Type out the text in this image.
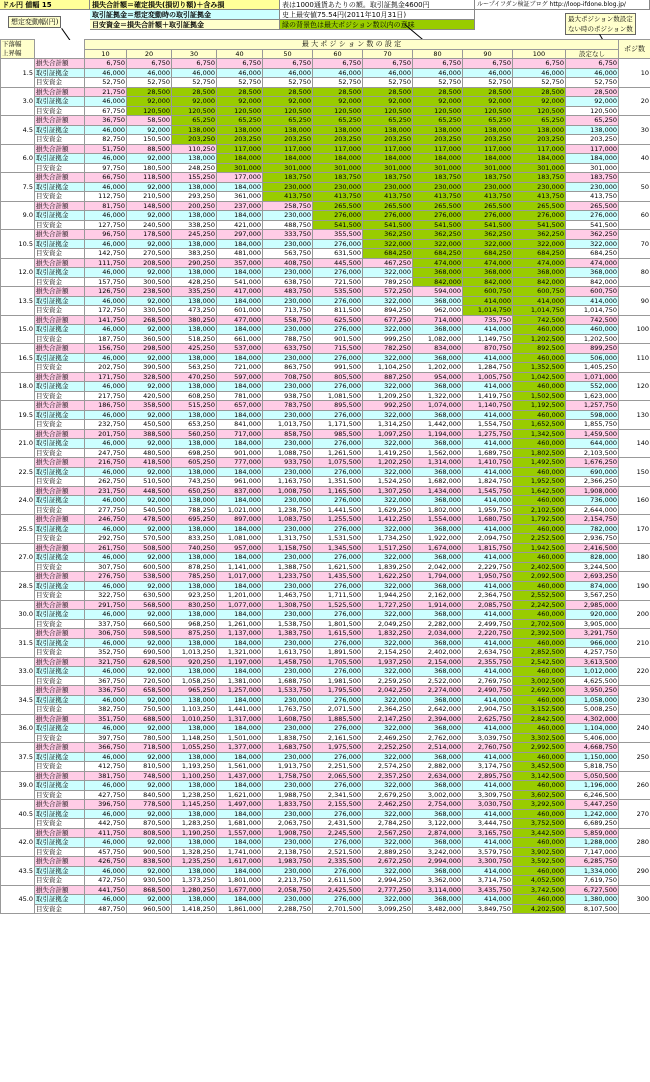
ドル円 値幅 15	損失合計額＝確定損失(損切り額)＋含み損
取引証拠金＝想定変動時の取引証拠金
目安資金＝損失合計額＋取引証拠金
表は1000通貨あたりの額。取引証拠金4600円
史上最安値75.54円(2011年10月31日)
緑の背景色は最大ポジション数以内の意味
ループイフダン検証ブログ http://loop-ifdone.blog.jp/
想定変動幅(円)	最大ポジション数設定
ない時のポジション数
下落幅
上昇幅		最 大 ポ ジ シ ョ ン 数 の 設 定											ポジ数
		10	20	30	40	50	60	70	80	90	100	設定なし	
1.5	損失合計額	6,750	6,750	6,750	6,750	6,750	6,750	6,750	6,750	6,750	6,750	6,750	10
	取引証拠金	46,000	46,000	46,000	46,000	46,000	46,000	46,000	46,000	46,000	46,000	46,000	
	目安資金	52,750	52,750	52,750	52,750	52,750	52,750	52,750	52,750	52,750	52,750	52,750	
3.0	損失合計額	21,750	28,500	28,500	28,500	28,500	28,500	28,500	28,500	28,500	28,500	28,500	20
	取引証拠金	46,000	92,000	92,000	92,000	92,000	92,000	92,000	92,000	92,000	92,000	92,000	
	目安資金	67,750	120,500	120,500	120,500	120,500	120,500	120,500	120,500	120,500	120,500	120,500	
4.5	損失合計額	36,750	58,500	65,250	65,250	65,250	65,250	65,250	65,250	65,250	65,250	65,250	30
	取引証拠金	46,000	92,000	138,000	138,000	138,000	138,000	138,000	138,000	138,000	138,000	138,000	
	目安資金	82,750	150,500	203,250	203,250	203,250	203,250	203,250	203,250	203,250	203,250	203,250	
6.0	損失合計額	51,750	88,500	110,250	117,000	117,000	117,000	117,000	117,000	117,000	117,000	117,000	40
	取引証拠金	46,000	92,000	138,000	184,000	184,000	184,000	184,000	184,000	184,000	184,000	184,000	
	目安資金	97,750	180,500	248,250	301,000	301,000	301,000	301,000	301,000	301,000	301,000	301,000	
7.5	損失合計額	66,750	118,500	155,250	177,000	183,750	183,750	183,750	183,750	183,750	183,750	183,750	50
	取引証拠金	46,000	92,000	138,000	184,000	230,000	230,000	230,000	230,000	230,000	230,000	230,000	
	目安資金	112,750	210,500	293,250	361,000	413,750	413,750	413,750	413,750	413,750	413,750	413,750	
9.0	損失合計額	81,750	148,500	200,250	237,000	258,750	265,500	265,500	265,500	265,500	265,500	265,500	60
	取引証拠金	46,000	92,000	138,000	184,000	230,000	276,000	276,000	276,000	276,000	276,000	276,000	
	目安資金	127,750	240,500	338,250	421,000	488,750	541,500	541,500	541,500	541,500	541,500	541,500	
10.5	損失合計額	96,750	178,500	245,250	297,000	333,750	355,500	362,250	362,250	362,250	362,250	362,250	70
	取引証拠金	46,000	92,000	138,000	184,000	230,000	276,000	322,000	322,000	322,000	322,000	322,000	
	目安資金	142,750	270,500	383,250	481,000	563,750	631,500	684,250	684,250	684,250	684,250	684,250	
12.0	損失合計額	111,750	208,500	290,250	357,000	408,750	445,500	467,250	474,000	474,000	474,000	474,000	80
	取引証拠金	46,000	92,000	138,000	184,000	230,000	276,000	322,000	368,000	368,000	368,000	368,000	
	目安資金	157,750	300,500	428,250	541,000	638,750	721,500	789,250	842,000	842,000	842,000	842,000	
13.5	損失合計額	126,750	238,500	335,250	417,000	483,750	535,500	572,250	594,000	600,750	600,750	600,750	90
	取引証拠金	46,000	92,000	138,000	184,000	230,000	276,000	322,000	368,000	414,000	414,000	414,000	
	目安資金	172,750	330,500	473,250	601,000	713,750	811,500	894,250	962,000	1,014,750	1,014,750	1,014,750	
15.0	損失合計額	141,750	268,500	380,250	477,000	558,750	625,500	677,250	714,000	735,750	742,500	742,500	100
	取引証拠金	46,000	92,000	138,000	184,000	230,000	276,000	322,000	368,000	414,000	460,000	460,000	
	目安資金	187,750	360,500	518,250	661,000	788,750	901,500	999,250	1,082,000	1,149,750	1,202,500	1,202,500	
16.5	損失合計額	156,750	298,500	425,250	537,000	633,750	715,500	782,250	834,000	870,750	892,500	899,250	110
	取引証拠金	46,000	92,000	138,000	184,000	230,000	276,000	322,000	368,000	414,000	460,000	506,000	
	目安資金	202,750	390,500	563,250	721,000	863,750	991,500	1,104,250	1,202,000	1,284,750	1,352,500	1,405,250	
18.0	損失合計額	171,750	328,500	470,250	597,000	708,750	805,500	887,250	954,000	1,005,750	1,042,500	1,071,000	120
	取引証拠金	46,000	92,000	138,000	184,000	230,000	276,000	322,000	368,000	414,000	460,000	552,000	
	目安資金	217,750	420,500	608,250	781,000	938,750	1,081,500	1,209,250	1,322,000	1,419,750	1,502,500	1,623,000	
19.5	損失合計額	186,750	358,500	515,250	657,000	783,750	895,500	992,250	1,074,000	1,140,750	1,192,500	1,257,750	130
	取引証拠金	46,000	92,000	138,000	184,000	230,000	276,000	322,000	368,000	414,000	460,000	598,000	
	目安資金	232,750	450,500	653,250	841,000	1,013,750	1,171,500	1,314,250	1,442,000	1,554,750	1,652,500	1,855,750	
21.0	損失合計額	201,750	388,500	560,250	717,000	858,750	985,500	1,097,250	1,194,000	1,275,750	1,342,500	1,459,500	140
	取引証拠金	46,000	92,000	138,000	184,000	230,000	276,000	322,000	368,000	414,000	460,000	644,000	
	目安資金	247,750	480,500	698,250	901,000	1,088,750	1,261,500	1,419,250	1,562,000	1,689,750	1,802,500	2,103,500	
22.5	損失合計額	216,750	418,500	605,250	777,000	933,750	1,075,500	1,202,250	1,314,000	1,410,750	1,492,500	1,676,250	150
	取引証拠金	46,000	92,000	138,000	184,000	230,000	276,000	322,000	368,000	414,000	460,000	690,000	
	目安資金	262,750	510,500	743,250	961,000	1,163,750	1,351,500	1,524,250	1,682,000	1,824,750	1,952,500	2,366,250	
24.0	損失合計額	231,750	448,500	650,250	837,000	1,008,750	1,165,500	1,307,250	1,434,000	1,545,750	1,642,500	1,908,000	160
	取引証拠金	46,000	92,000	138,000	184,000	230,000	276,000	322,000	368,000	414,000	460,000	736,000	
	目安資金	277,750	540,500	788,250	1,021,000	1,238,750	1,441,500	1,629,250	1,802,000	1,959,750	2,102,500	2,644,000	
25.5	損失合計額	246,750	478,500	695,250	897,000	1,083,750	1,255,500	1,412,250	1,554,000	1,680,750	1,792,500	2,154,750	170
	取引証拠金	46,000	92,000	138,000	184,000	230,000	276,000	322,000	368,000	414,000	460,000	782,000	
	目安資金	292,750	570,500	833,250	1,081,000	1,313,750	1,531,500	1,734,250	1,922,000	2,094,750	2,252,500	2,936,750	
27.0	損失合計額	261,750	508,500	740,250	957,000	1,158,750	1,345,500	1,517,250	1,674,000	1,815,750	1,942,500	2,416,500	180
	取引証拠金	46,000	92,000	138,000	184,000	230,000	276,000	322,000	368,000	414,000	460,000	828,000	
	目安資金	307,750	600,500	878,250	1,141,000	1,388,750	1,621,500	1,839,250	2,042,000	2,229,750	2,402,500	3,244,500	
28.5	損失合計額	276,750	538,500	785,250	1,017,000	1,233,750	1,435,500	1,622,250	1,794,000	1,950,750	2,092,500	2,693,250	190
	取引証拠金	46,000	92,000	138,000	184,000	230,000	276,000	322,000	368,000	414,000	460,000	874,000	
	目安資金	322,750	630,500	923,250	1,201,000	1,463,750	1,711,500	1,944,250	2,162,000	2,364,750	2,552,500	3,567,250	
30.0	損失合計額	291,750	568,500	830,250	1,077,000	1,308,750	1,525,500	1,727,250	1,914,000	2,085,750	2,242,500	2,985,000	200
	取引証拠金	46,000	92,000	138,000	184,000	230,000	276,000	322,000	368,000	414,000	460,000	920,000	
	目安資金	337,750	660,500	968,250	1,261,000	1,538,750	1,801,500	2,049,250	2,282,000	2,499,750	2,702,500	3,905,000	
31.5	損失合計額	306,750	598,500	875,250	1,137,000	1,383,750	1,615,500	1,832,250	2,034,000	2,220,750	2,392,500	3,291,750	210
	取引証拠金	46,000	92,000	138,000	184,000	230,000	276,000	322,000	368,000	414,000	460,000	966,000	
	目安資金	352,750	690,500	1,013,250	1,321,000	1,613,750	1,891,500	2,154,250	2,402,000	2,634,750	2,852,500	4,257,750	
33.0	損失合計額	321,750	628,500	920,250	1,197,000	1,458,750	1,705,500	1,937,250	2,154,000	2,355,750	2,542,500	3,613,500	220
	取引証拠金	46,000	92,000	138,000	184,000	230,000	276,000	322,000	368,000	414,000	460,000	1,012,000	
	目安資金	367,750	720,500	1,058,250	1,381,000	1,688,750	1,981,500	2,259,250	2,522,000	2,769,750	3,002,500	4,625,500	
34.5	損失合計額	336,750	658,500	965,250	1,257,000	1,533,750	1,795,500	2,042,250	2,274,000	2,490,750	2,692,500	3,950,250	230
	取引証拠金	46,000	92,000	138,000	184,000	230,000	276,000	322,000	368,000	414,000	460,000	1,058,000	
	目安資金	382,750	750,500	1,103,250	1,441,000	1,763,750	2,071,500	2,364,250	2,642,000	2,904,750	3,152,500	5,008,250	
36.0	損失合計額	351,750	688,500	1,010,250	1,317,000	1,608,750	1,885,500	2,147,250	2,394,000	2,625,750	2,842,500	4,302,000	240
	取引証拠金	46,000	92,000	138,000	184,000	230,000	276,000	322,000	368,000	414,000	460,000	1,104,000	
	目安資金	397,750	780,500	1,148,250	1,501,000	1,838,750	2,161,500	2,469,250	2,762,000	3,039,750	3,302,500	5,406,000	
37.5	損失合計額	366,750	718,500	1,055,250	1,377,000	1,683,750	1,975,500	2,252,250	2,514,000	2,760,750	2,992,500	4,668,750	250
	取引証拠金	46,000	92,000	138,000	184,000	230,000	276,000	322,000	368,000	414,000	460,000	1,150,000	
	目安資金	412,750	810,500	1,193,250	1,561,000	1,913,750	2,251,500	2,574,250	2,882,000	3,174,750	3,452,500	5,818,750	
39.0	損失合計額	381,750	748,500	1,100,250	1,437,000	1,758,750	2,065,500	2,357,250	2,634,000	2,895,750	3,142,500	5,050,500	260
	取引証拠金	46,000	92,000	138,000	184,000	230,000	276,000	322,000	368,000	414,000	460,000	1,196,000	
	目安資金	427,750	840,500	1,238,250	1,621,000	1,988,750	2,341,500	2,679,250	3,002,000	3,309,750	3,602,500	6,246,500	
40.5	損失合計額	396,750	778,500	1,145,250	1,497,000	1,833,750	2,155,500	2,462,250	2,754,000	3,030,750	3,292,500	5,447,250	270
	取引証拠金	46,000	92,000	138,000	184,000	230,000	276,000	322,000	368,000	414,000	460,000	1,242,000	
	目安資金	442,750	870,500	1,283,250	1,681,000	2,063,750	2,431,500	2,784,250	3,122,000	3,444,750	3,752,500	6,689,250	
42.0	損失合計額	411,750	808,500	1,190,250	1,557,000	1,908,750	2,245,500	2,567,250	2,874,000	3,165,750	3,442,500	5,859,000	280
	取引証拠金	46,000	92,000	138,000	184,000	230,000	276,000	322,000	368,000	414,000	460,000	1,288,000	
	目安資金	457,750	900,500	1,328,250	1,741,000	2,138,750	2,521,500	2,889,250	3,242,000	3,579,750	3,902,500	7,147,000	
43.5	損失合計額	426,750	838,500	1,235,250	1,617,000	1,983,750	2,335,500	2,672,250	2,994,000	3,300,750	3,592,500	6,285,750	290
	取引証拠金	46,000	92,000	138,000	184,000	230,000	276,000	322,000	368,000	414,000	460,000	1,334,000	
	目安資金	472,750	930,500	1,373,250	1,801,000	2,213,750	2,611,500	2,994,250	3,362,000	3,714,750	4,052,500	7,619,750	
45.0	損失合計額	441,750	868,500	1,280,250	1,677,000	2,058,750	2,425,500	2,777,250	3,114,000	3,435,750	3,742,500	6,727,500	300
	取引証拠金	46,000	92,000	138,000	184,000	230,000	276,000	322,000	368,000	414,000	460,000	1,380,000	
	目安資金	487,750	960,500	1,418,250	1,861,000	2,288,750	2,701,500	3,099,250	3,482,000	3,849,750	4,202,500	8,107,500	
